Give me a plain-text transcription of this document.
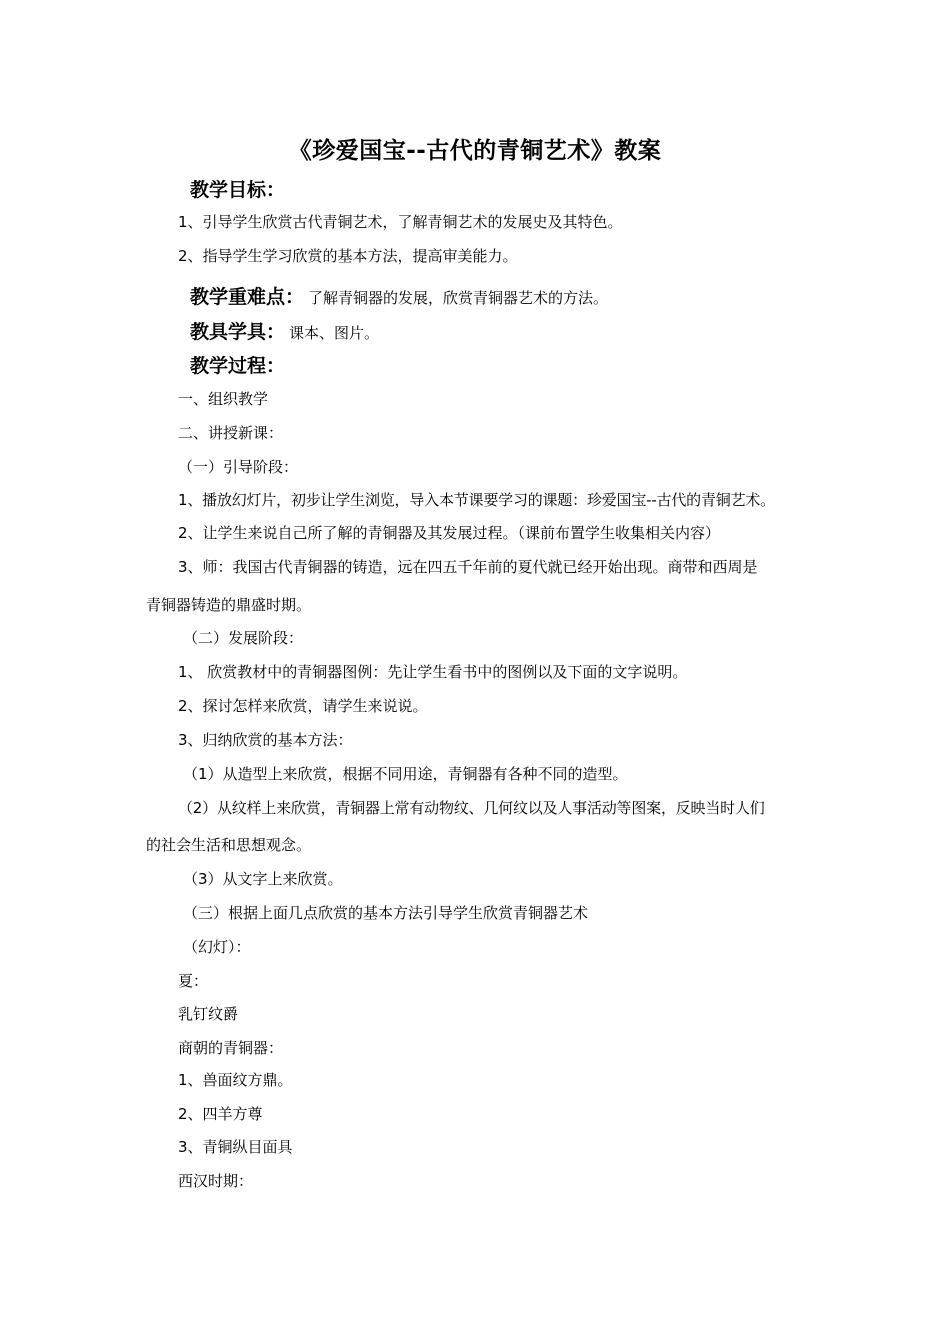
《珍爱国宝--古代的青铜艺术》教案
教学目标：
1、引导学生欣赏古代青铜艺术，了解青铜艺术的发展史及其特色。
2、指导学生学习欣赏的基本方法，提高审美能力。
教学重难点： 了解青铜器的发展，欣赏青铜器艺术的方法。
教具学具： 课本、图片。
教学过程：
一、组织教学
二、讲授新课：
（一）引导阶段：
1、播放幻灯片，初步让学生浏览，导入本节课要学习的课题：珍爱国宝--古代的青铜艺术。
2、让学生来说自己所了解的青铜器及其发展过程。（课前布置学生收集相关内容）
3、师：我国古代青铜器的铸造，远在四五千年前的夏代就已经开始出现。商带和西周是
青铜器铸造的鼎盛时期。
（二）发展阶段：
1、 欣赏教材中的青铜器图例：先让学生看书中的图例以及下面的文字说明。
2、探讨怎样来欣赏，请学生来说说。
3、归纳欣赏的基本方法：
（1）从造型上来欣赏，根据不同用途，青铜器有各种不同的造型。
（2）从纹样上来欣赏，青铜器上常有动物纹、几何纹以及人事活动等图案，反映当时人们
的社会生活和思想观念。
（3）从文字上来欣赏。
（三）根据上面几点欣赏的基本方法引导学生欣赏青铜器艺术
（幻灯）：
夏：
乳钉纹爵
商朝的青铜器：
1、兽面纹方鼎。
2、四羊方尊
3、青铜纵目面具
西汉时期：
